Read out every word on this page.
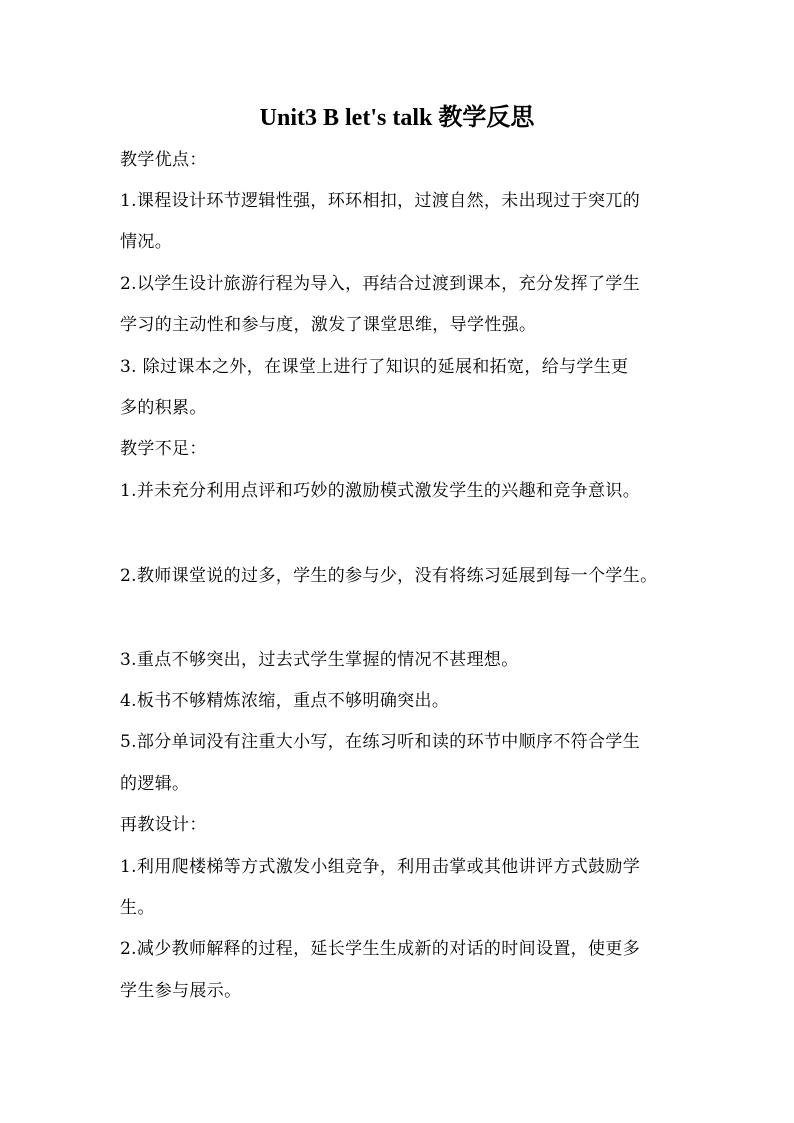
Unit3 B let's talk 教学反思
教学优点：
1.课程设计环节逻辑性强，环环相扣，过渡自然，未出现过于突兀的
情况。
2.以学生设计旅游行程为导入，再结合过渡到课本，充分发挥了学生
学习的主动性和参与度，激发了课堂思维，导学性强。
3. 除过课本之外，在课堂上进行了知识的延展和拓宽，给与学生更
多的积累。
教学不足：
1.并未充分利用点评和巧妙的激励模式激发学生的兴趣和竞争意识。
2.教师课堂说的过多，学生的参与少，没有将练习延展到每一个学生。
3.重点不够突出，过去式学生掌握的情况不甚理想。
4.板书不够精炼浓缩，重点不够明确突出。
5.部分单词没有注重大小写，在练习听和读的环节中顺序不符合学生
的逻辑。
再教设计：
1.利用爬楼梯等方式激发小组竞争，利用击掌或其他讲评方式鼓励学
生。
2.减少教师解释的过程，延长学生生成新的对话的时间设置，使更多
学生参与展示。
